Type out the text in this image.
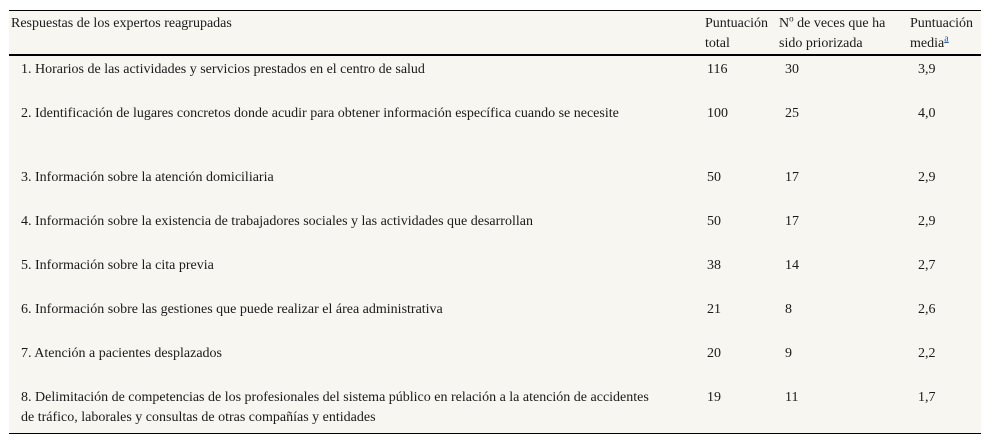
Respuestas de los expertos reagrupadas	Puntuación total	$N^o$ de veces que ha sido priorizada	Puntuación media$^a$
1. Horarios de las actividades y servicios prestados en el centro de salud	116	30	3,9
2. Identificación de lugares concretos donde acudir para obtener información específica cuando se necesite	100	25	4,0
3. Información sobre la atención domiciliaria	50	17	2,9
4. Información sobre la existencia de trabajadores sociales y las actividades que desarrollan	50	17	2,9
5. Información sobre la cita previa	38	14	2,7
6. Información sobre las gestiones que puede realizar el área administrativa	21	8	2,6
7. Atención a pacientes desplazados	20	9	2,2
8. Delimitación de competencias de los profesionales del sistema público en relación a la atención de accidentes de tráfico, laborales y consultas de otras compañías y entidades	19	11	1,7
